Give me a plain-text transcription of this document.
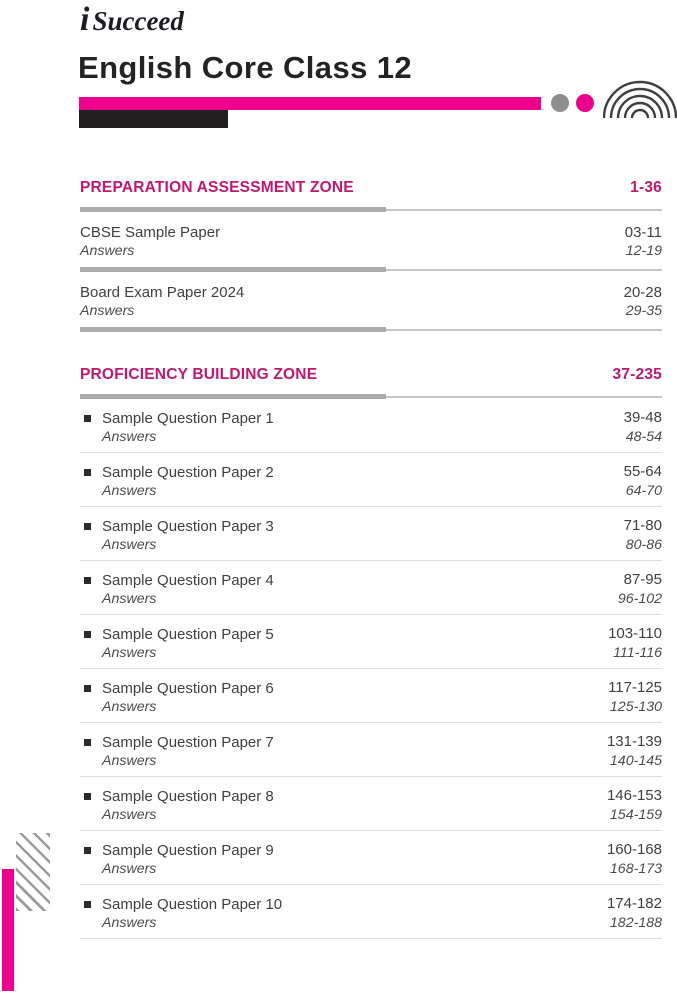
i Succeed
English Core Class 12
PREPARATION ASSESSMENT ZONE	1-36
CBSE Sample Paper	03-11
Answers	12-19
Board Exam Paper 2024	20-28
Answers	29-35
PROFICIENCY BUILDING ZONE	37-235
Sample Question Paper 1	39-48
Answers	48-54
Sample Question Paper 2	55-64
Answers	64-70
Sample Question Paper 3	71-80
Answers	80-86
Sample Question Paper 4	87-95
Answers	96-102
Sample Question Paper 5	103-110
Answers	111-116
Sample Question Paper 6	117-125
Answers	125-130
Sample Question Paper 7	131-139
Answers	140-145
Sample Question Paper 8	146-153
Answers	154-159
Sample Question Paper 9	160-168
Answers	168-173
Sample Question Paper 10	174-182
Answers	182-188
